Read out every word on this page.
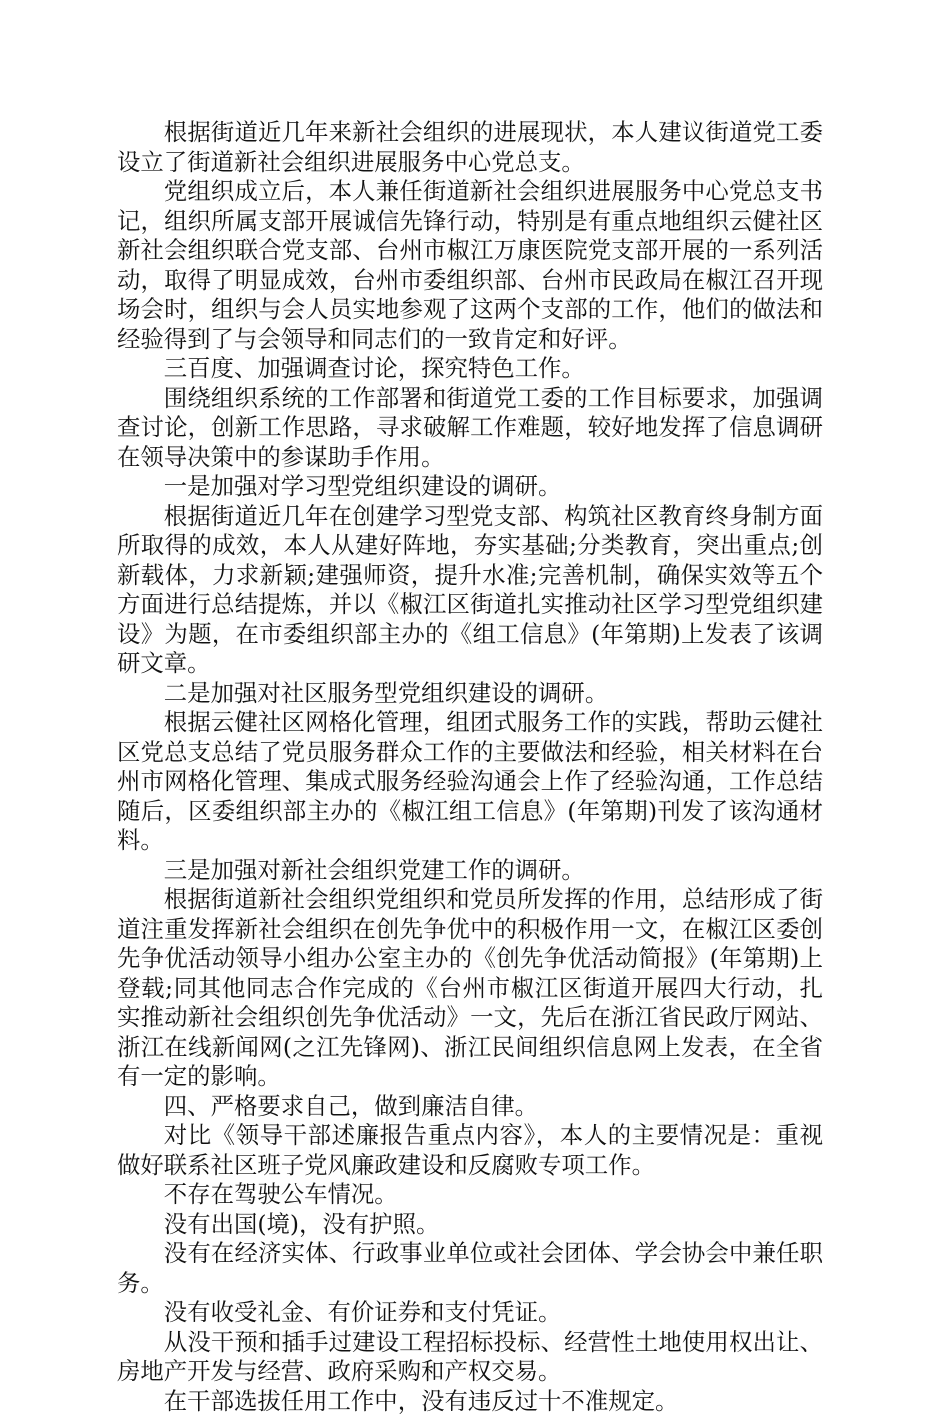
根据街道近几年来新社会组织的进展现状，本人建议街道党工委设立了街道新社会组织进展服务中心党总支。

党组织成立后，本人兼任街道新社会组织进展服务中心党总支书记，组织所属支部开展诚信先锋行动，特别是有重点地组织云健社区新社会组织联合党支部、台州市椒江万康医院党支部开展的一系列活动，取得了明显成效，台州市委组织部、台州市民政局在椒江召开现场会时，组织与会人员实地参观了这两个支部的工作，他们的做法和经验得到了与会领导和同志们的一致肯定和好评。

三百度、加强调查讨论，探究特色工作。

围绕组织系统的工作部署和街道党工委的工作目标要求，加强调查讨论，创新工作思路，寻求破解工作难题，较好地发挥了信息调研在领导决策中的参谋助手作用。

一是加强对学习型党组织建设的调研。

根据街道近几年在创建学习型党支部、构筑社区教育终身制方面所取得的成效，本人从建好阵地，夯实基础;分类教育，突出重点;创新载体，力求新颖;建强师资，提升水准;完善机制，确保实效等五个方面进行总结提炼，并以《椒江区街道扎实推动社区学习型党组织建设》为题，在市委组织部主办的《组工信息》(年第期)上发表了该调研文章。

二是加强对社区服务型党组织建设的调研。

根据云健社区网格化管理，组团式服务工作的实践，帮助云健社区党总支总结了党员服务群众工作的主要做法和经验，相关材料在台州市网格化管理、集成式服务经验沟通会上作了经验沟通，工作总结随后，区委组织部主办的《椒江组工信息》(年第期)刊发了该沟通材料。

三是加强对新社会组织党建工作的调研。

根据街道新社会组织党组织和党员所发挥的作用，总结形成了街道注重发挥新社会组织在创先争优中的积极作用一文，在椒江区委创先争优活动领导小组办公室主办的《创先争优活动简报》(年第期)上登载;同其他同志合作完成的《台州市椒江区街道开展四大行动，扎实推动新社会组织创先争优活动》一文，先后在浙江省民政厅网站、浙江在线新闻网(之江先锋网)、浙江民间组织信息网上发表，在全省有一定的影响。

四、严格要求自己，做到廉洁自律。

对比《领导干部述廉报告重点内容》，本人的主要情况是：重视做好联系社区班子党风廉政建设和反腐败专项工作。

不存在驾驶公车情况。

没有出国(境)，没有护照。

没有在经济实体、行政事业单位或社会团体、学会协会中兼任职务。

没有收受礼金、有价证券和支付凭证。

从没干预和插手过建设工程招标投标、经营性土地使用权出让、房地产开发与经营、政府采购和产权交易。

在干部选拔任用工作中，没有违反过十不准规定。
